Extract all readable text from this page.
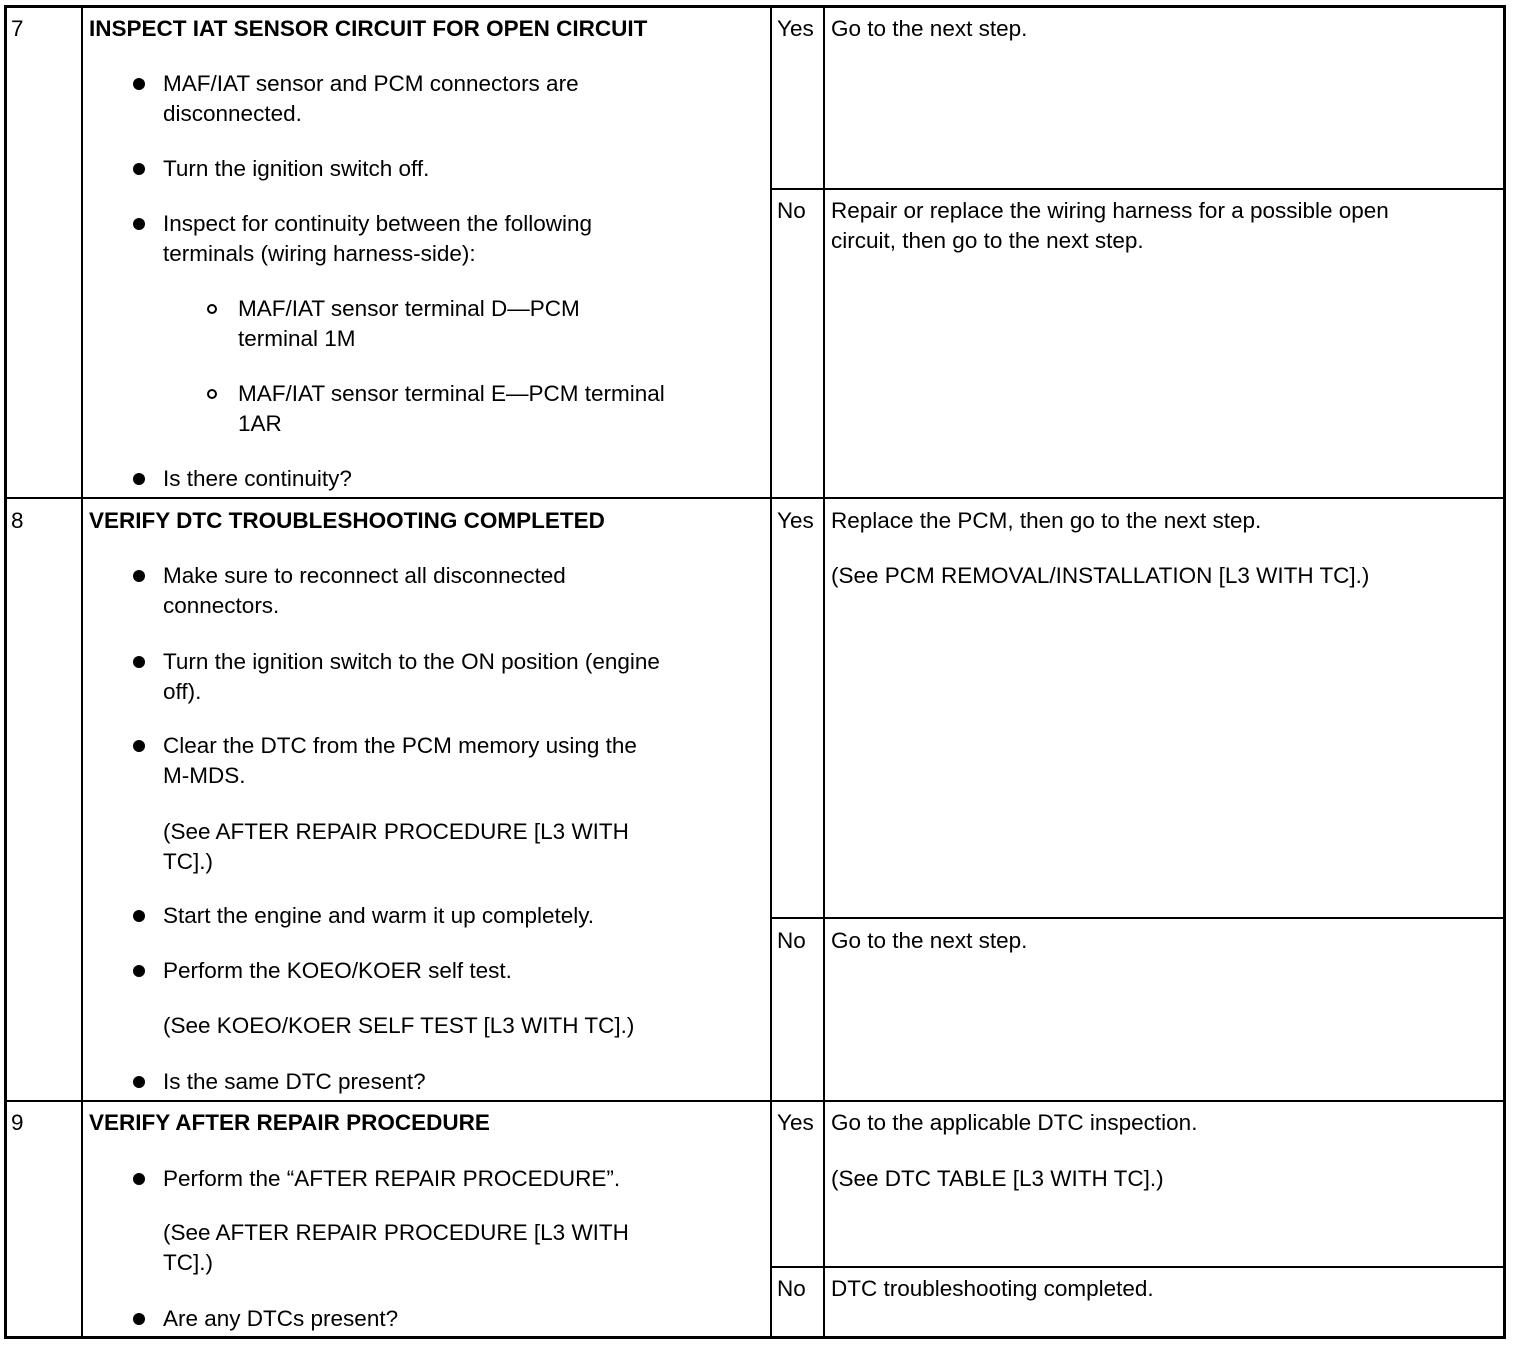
7	INSPECT IAT SENSOR CIRCUIT FOR OPEN CIRCUIT
MAF/IAT sensor and PCM connectors are
disconnected.
Turn the ignition switch off.
Inspect for continuity between the following
terminals (wiring harness-side):
MAF/IAT sensor terminal D—PCM
terminal 1M
MAF/IAT sensor terminal E—PCM terminal
1AR
Is there continuity?
Yes Go to the next step.
No Repair or replace the wiring harness for a possible open
circuit, then go to the next step.
8	VERIFY DTC TROUBLESHOOTING COMPLETED
Make sure to reconnect all disconnected
connectors.
Turn the ignition switch to the ON position (engine
off).
Clear the DTC from the PCM memory using the
M-MDS.
(See AFTER REPAIR PROCEDURE [L3 WITH
TC].)
Start the engine and warm it up completely.
Perform the KOEO/KOER self test.
(See KOEO/KOER SELF TEST [L3 WITH TC].)
Is the same DTC present?
Yes Replace the PCM, then go to the next step.
(See PCM REMOVAL/INSTALLATION [L3 WITH TC].)
No Go to the next step.
9	VERIFY AFTER REPAIR PROCEDURE
Perform the “AFTER REPAIR PROCEDURE”.
(See AFTER REPAIR PROCEDURE [L3 WITH
TC].)
Are any DTCs present?
Yes Go to the applicable DTC inspection.
(See DTC TABLE [L3 WITH TC].)
No DTC troubleshooting completed.
